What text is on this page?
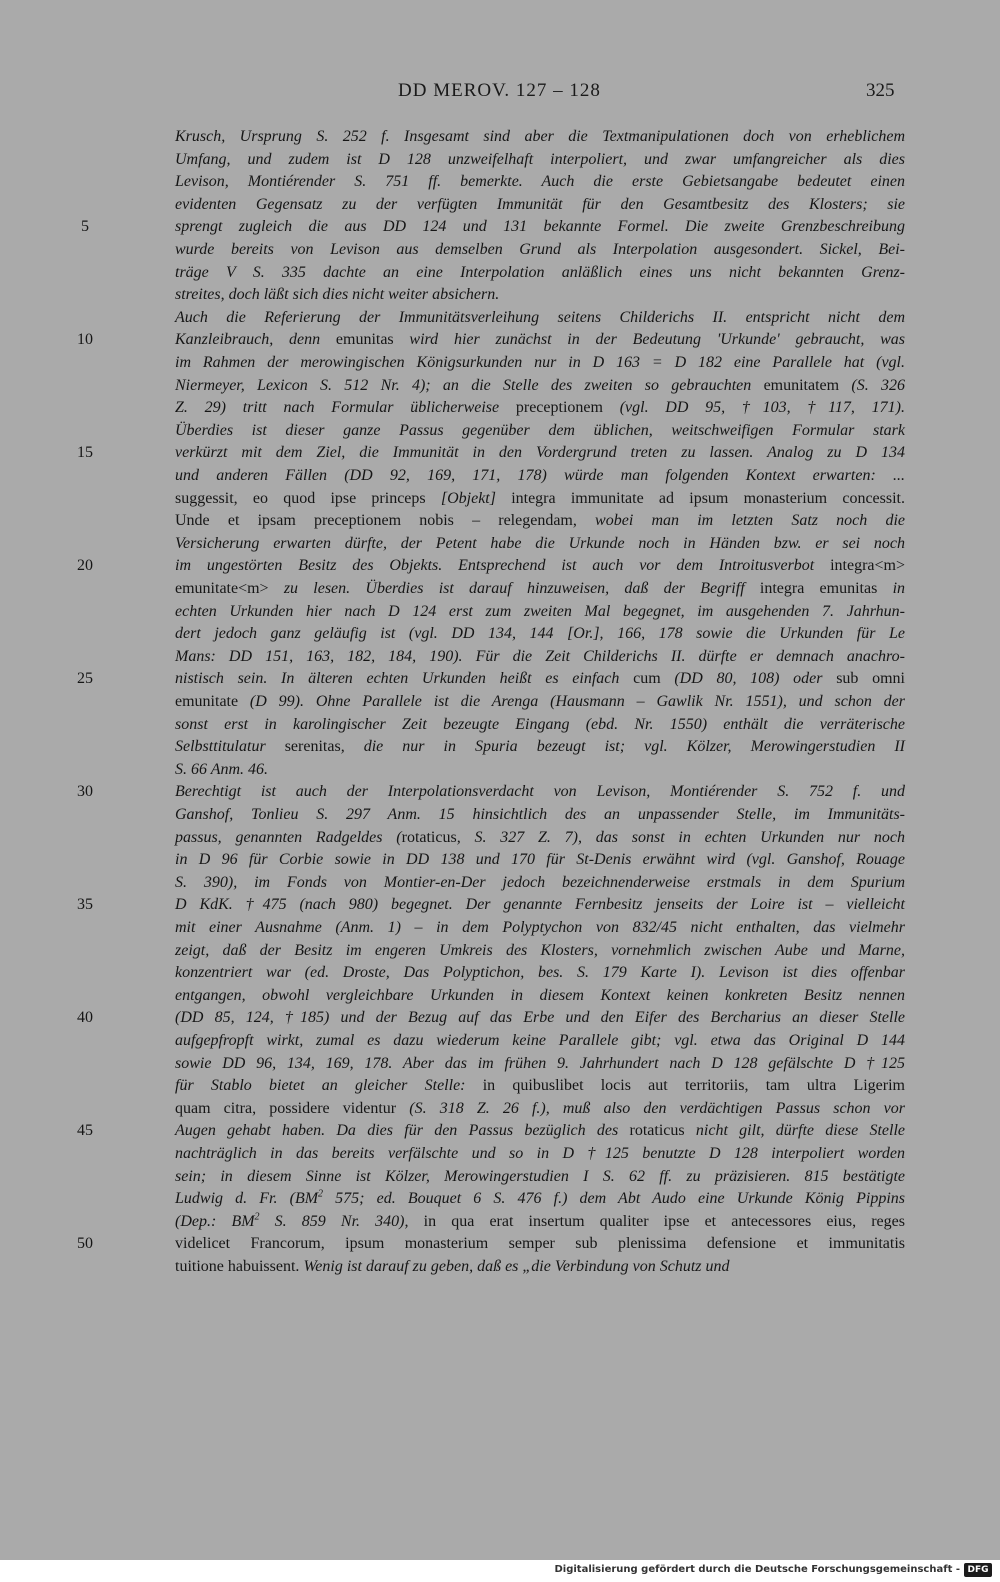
DD MEROV. 127 – 128	325
Krusch, Ursprung S. 252 f. Insgesamt sind aber die Textmanipulationen doch von erheblichem
Umfang, und zudem ist D 128 unzweifelhaft interpoliert, und zwar umfangreicher als dies
Levison, Montiérender S. 751 ff. bemerkte. Auch die erste Gebietsangabe bedeutet einen
evidenten Gegensatz zu der verfügten Immunität für den Gesamtbesitz des Klosters; sie
sprengt zugleich die aus DD 124 und 131 bekannte Formel. Die zweite Grenzbeschreibung
wurde bereits von Levison aus demselben Grund als Interpolation ausgesondert. Sickel, Bei-
träge V S. 335 dachte an eine Interpolation anläßlich eines uns nicht bekannten Grenz-
streites, doch läßt sich dies nicht weiter absichern.
Auch die Referierung der Immunitätsverleihung seitens Childerichs II. entspricht nicht dem
Kanzleibrauch, denn emunitas wird hier zunächst in der Bedeutung 'Urkunde' gebraucht, was
im Rahmen der merowingischen Königsurkunden nur in D 163 = D 182 eine Parallele hat (vgl.
Niermeyer, Lexicon S. 512 Nr. 4); an die Stelle des zweiten so gebrauchten emunitatem (S. 326
Z. 29) tritt nach Formular üblicherweise preceptionem (vgl. DD 95, †103, †117, 171).
Überdies ist dieser ganze Passus gegenüber dem üblichen, weitschweifigen Formular stark
verkürzt mit dem Ziel, die Immunität in den Vordergrund treten zu lassen. Analog zu D 134
und anderen Fällen (DD 92, 169, 171, 178) würde man folgenden Kontext erwarten: ...
suggessit, eo quod ipse princeps [Objekt] integra immunitate ad ipsum monasterium concessit.
Unde et ipsam preceptionem nobis – relegendam, wobei man im letzten Satz noch die
Versicherung erwarten dürfte, der Petent habe die Urkunde noch in Händen bzw. er sei noch
im ungestörten Besitz des Objekts. Entsprechend ist auch vor dem Introitusverbot integra<m>
emunitate<m> zu lesen. Überdies ist darauf hinzuweisen, daß der Begriff integra emunitas in
echten Urkunden hier nach D 124 erst zum zweiten Mal begegnet, im ausgehenden 7. Jahrhun-
dert jedoch ganz geläufig ist (vgl. DD 134, 144 [Or.], 166, 178 sowie die Urkunden für Le
Mans: DD 151, 163, 182, 184, 190). Für die Zeit Childerichs II. dürfte er demnach anachro-
nistisch sein. In älteren echten Urkunden heißt es einfach cum (DD 80, 108) oder sub omni
emunitate (D 99). Ohne Parallele ist die Arenga (Hausmann – Gawlik Nr. 1551), und schon der
sonst erst in karolingischer Zeit bezeugte Eingang (ebd. Nr. 1550) enthält die verräterische
Selbsttitulatur serenitas, die nur in Spuria bezeugt ist; vgl. Kölzer, Merowingerstudien II
S. 66 Anm. 46.
Berechtigt ist auch der Interpolationsverdacht von Levison, Montiérender S. 752 f. und
Ganshof, Tonlieu S. 297 Anm. 15 hinsichtlich des an unpassender Stelle, im Immunitäts-
passus, genannten Radgeldes (rotaticus, S. 327 Z. 7), das sonst in echten Urkunden nur noch
in D 96 für Corbie sowie in DD 138 und 170 für St-Denis erwähnt wird (vgl. Ganshof, Rouage
S. 390), im Fonds von Montier-en-Der jedoch bezeichnenderweise erstmals in dem Spurium
D KdK. †475 (nach 980) begegnet. Der genannte Fernbesitz jenseits der Loire ist – vielleicht
mit einer Ausnahme (Anm. 1) – in dem Polyptychon von 832/45 nicht enthalten, das vielmehr
zeigt, daß der Besitz im engeren Umkreis des Klosters, vornehmlich zwischen Aube und Marne,
konzentriert war (ed. Droste, Das Polyptichon, bes. S. 179 Karte I). Levison ist dies offenbar
entgangen, obwohl vergleichbare Urkunden in diesem Kontext keinen konkreten Besitz nennen
(DD 85, 124, †185) und der Bezug auf das Erbe und den Eifer des Bercharius an dieser Stelle
aufgepfropft wirkt, zumal es dazu wiederum keine Parallele gibt; vgl. etwa das Original D 144
sowie DD 96, 134, 169, 178. Aber das im frühen 9. Jahrhundert nach D 128 gefälschte D †125
für Stablo bietet an gleicher Stelle: in quibuslibet locis aut territoriis, tam ultra Ligerim
quam citra, possidere videntur (S. 318 Z. 26 f.), muß also den verdächtigen Passus schon vor
Augen gehabt haben. Da dies für den Passus bezüglich des rotaticus nicht gilt, dürfte diese Stelle
nachträglich in das bereits verfälschte und so in D †125 benutzte D 128 interpoliert worden
sein; in diesem Sinne ist Kölzer, Merowingerstudien I S. 62 ff. zu präzisieren. 815 bestätigte
Ludwig d. Fr. ($BM^2$ 575; ed. Bouquet 6 S. 476 f.) dem Abt Audo eine Urkunde König Pippins
(Dep.: $BM^2$ S. 859 Nr. 340), in qua erat insertum qualiter ipse et antecessores eius, reges
videlicet Francorum, ipsum monasterium semper sub plenissima defensione et immunitatis
tuitione habuissent. Wenig ist darauf zu geben, daß es „die Verbindung von Schutz und
5
10
15
20
25
30
35
40
45
50
Digitalisierung gefördert durch die Deutsche Forschungsgemeinschaft - DFG
